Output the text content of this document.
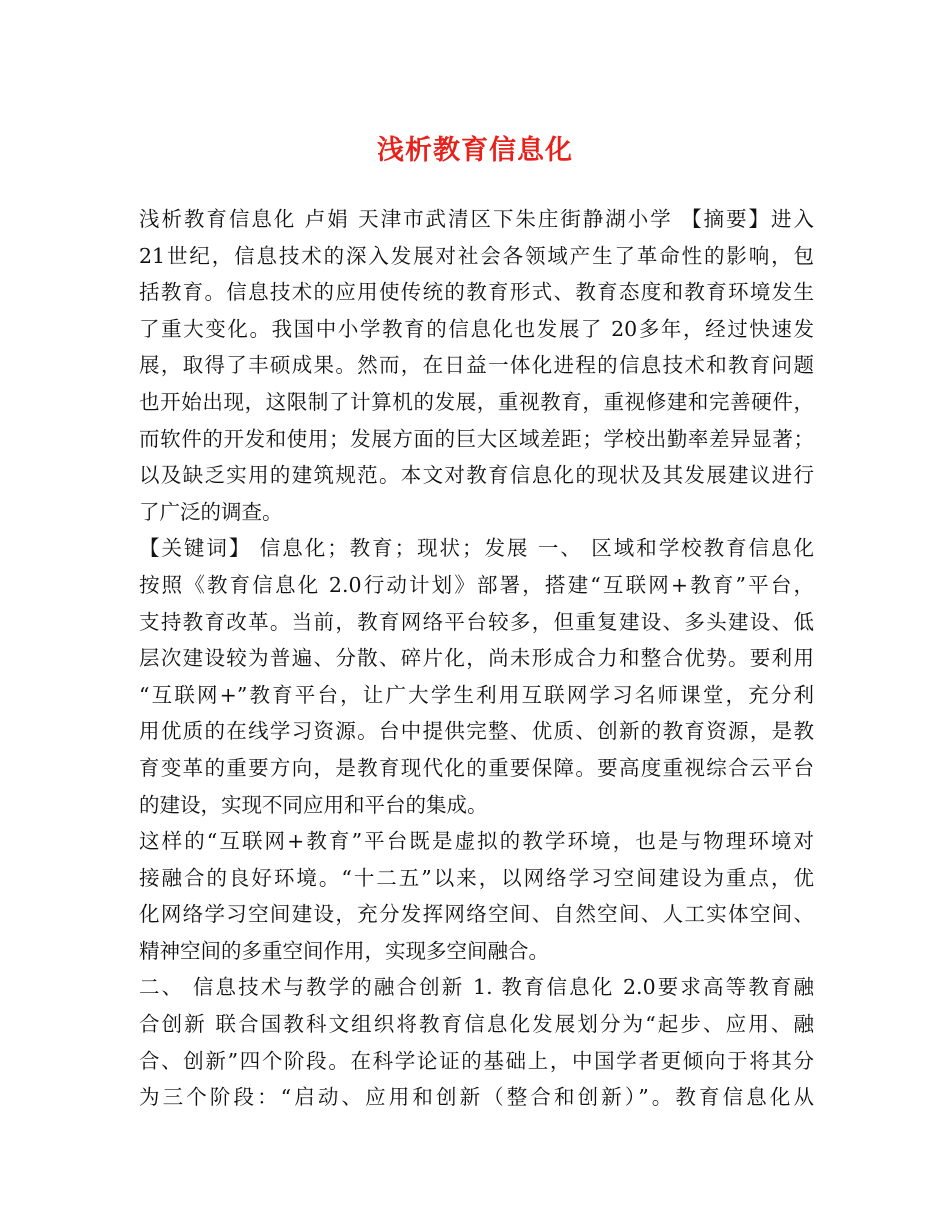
浅析教育信息化
浅析教育信息化 卢娟 天津市武清区下朱庄街静湖小学 【摘要】进入
21世纪，信息技术的深入发展对社会各领域产生了革命性的影响，包
括教育。信息技术的应用使传统的教育形式、教育态度和教育环境发生
了重大变化。我国中小学教育的信息化也发展了 20多年，经过快速发
展，取得了丰硕成果。然而，在日益一体化进程的信息技术和教育问题
也开始出现，这限制了计算机的发展，重视教育，重视修建和完善硬件，
而软件的开发和使用；发展方面的巨大区域差距；学校出勤率差异显著；
以及缺乏实用的建筑规范。本文对教育信息化的现状及其发展建议进行
了广泛的调查。
【关键词】 信息化；教育；现状；发展 一、 区域和学校教育信息化
按照《教育信息化 2.0行动计划》部署，搭建“互联网+教育”平台，
支持教育改革。当前，教育网络平台较多，但重复建设、多头建设、低
层次建设较为普遍、分散、碎片化，尚未形成合力和整合优势。要利用
“互联网+”教育平台，让广大学生利用互联网学习名师课堂，充分利
用优质的在线学习资源。台中提供完整、优质、创新的教育资源，是教
育变革的重要方向，是教育现代化的重要保障。要高度重视综合云平台
的建设，实现不同应用和平台的集成。
这样的“互联网+教育”平台既是虚拟的教学环境，也是与物理环境对
接融合的良好环境。“十二五”以来，以网络学习空间建设为重点，优
化网络学习空间建设，充分发挥网络空间、自然空间、人工实体空间、
精神空间的多重空间作用，实现多空间融合。
二、 信息技术与教学的融合创新 1. 教育信息化 2.0要求高等教育融
合创新 联合国教科文组织将教育信息化发展划分为“起步、应用、融
合、创新”四个阶段。在科学论证的基础上，中国学者更倾向于将其分
为三个阶段：“启动、应用和创新（整合和创新）”。教育信息化从
